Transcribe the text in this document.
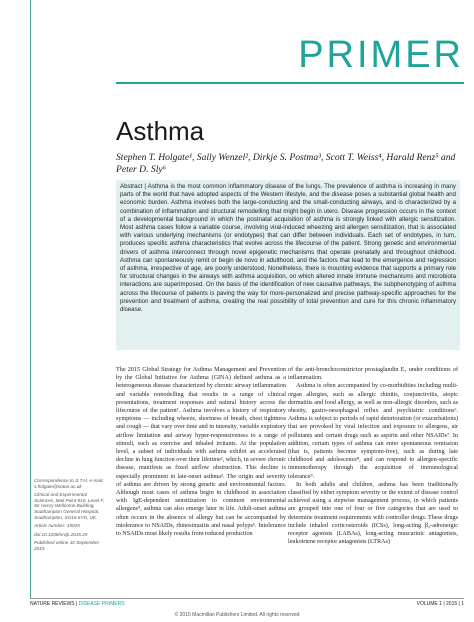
PRIMER
Asthma
Stephen T. Holgate¹, Sally Wenzel², Dirkje S. Postma³, Scott T. Weiss⁴, Harald Renz⁵ and Peter D. Sly⁶

Abstract | Asthma is the most common inflammatory disease of the lungs. The prevalence of asthma is increasing in many parts of the world that have adopted aspects of the Western lifestyle, and the disease poses a substantial global health and economic burden. Asthma involves both the large-conducting and the small-conducting airways, and is characterized by a combination of inflammation and structural remodelling that might begin in utero. Disease progression occurs in the context of a developmental background in which the postnatal acquisition of asthma is strongly linked with allergic sensitization. Most asthma cases follow a variable course, involving viral-induced wheezing and allergen sensitization, that is associated with various underlying mechanisms (or endotypes) that can differ between individuals. Each set of endotypes, in turn, produces specific asthma characteristics that evolve across the lifecourse of the patient. Strong genetic and environmental drivers of asthma interconnect through novel epigenetic mechanisms that operate prenatally and throughout childhood. Asthma can spontaneously remit or begin de novo in adulthood, and the factors that lead to the emergence and regression of asthma, irrespective of age, are poorly understood. Nonetheless, there is mounting evidence that supports a primary role for structural changes in the airways with asthma acquisition, on which altered innate immune mechanisms and microbiota interactions are superimposed. On the basis of the identification of new causative pathways, the subphenotyping of asthma across the lifecourse of patients is paving the way for more-personalized and precise pathway-specific approaches for the prevention and treatment of asthma, creating the real possibility of total prevention and cure for this chronic inflammatory disease.

Correspondence to S.T.H. e-mail: s.holgate@soton.ac.uk

Clinical and Experimental Sciences, Mail Point 810, Level F, Sir Henry Wellcome Building, Southampton General Hospital, Southampton, SO16 6YD, UK.

Article number: 15025

doi:10.1038/nrdp.2015.25

Published online 10 September 2015

The 2015 Global Strategy for Asthma Management and Prevention by the Global Initiative for Asthma (GINA) defined asthma as a heterogeneous disease characterized by chronic airway inflammation and variable remodelling that results in a range of clinical presentations, treatment responses and natural history across the lifecourse of the patient¹. Asthma involves a history of respiratory symptoms — including wheeze, shortness of breath, chest tightness and cough — that vary over time and in intensity, variable expiratory airflow limitation and airway hyper-responsiveness to a range of stimuli, such as exercise and inhaled irritants. At the population level, a subset of individuals with asthma exhibit an accelerated decline in lung function over their lifetime², which, in severe chronic disease, manifests as fixed airflow obstruction. This decline is especially prominent in late-onset asthma³. The origin and severity of asthma are driven by strong genetic and environmental factors. Although most cases of asthma begin in childhood in association with IgE-dependent sensitization to common environmental allergens⁴, asthma can also emerge later in life. Adult-onset asthma often occurs in the absence of allergy but can be accompanied by intolerance to NSAIDs, rhinosinusitis and nasal polyps⁵. Intolerance to NSAIDs most likely results from reduced production

of the anti-bronchoconstrictor prostaglandin E₂ under conditions of inflammation.

Asthma is often accompanied by co-morbidities including multi-organ allergies, such as allergic rhinitis, conjunctivitis, atopic dermatitis and food allergy, as well as non-allergic disorders, such as obesity, gastro-oesophageal reflux and psychiatric conditions⁶. Asthma is subject to periods of rapid deterioration (or exacerbations) that are provoked by viral infection and exposure to allergens, air pollutants and certain drugs such as aspirin and other NSAIDs⁷. In addition, certain types of asthma can enter spontaneous remission (that is, patients become symptom-free), such as during late childhood and adolescence⁸, and can respond to allergen-specific immunotherapy through the acquisition of immunological tolerance⁹.

In both adults and children, asthma has been traditionally classified by either symptom severity or the extent of disease control achieved using a stepwise management process, in which patients are grouped into one of four or five categories that are used to determine treatment requirements with controller drugs. These drugs include inhaled corticosteroids (ICSs), long-acting β₂-adrenergic receptor agonists (LABAs), long-acting muscarinic antagonists, leukotriene receptor antagonists (LTRAs)

NATURE REVIEWS | DISEASE PRIMERS	VOLUME 1 | 2015 | 1
© 2015 Macmillan Publishers Limited. All rights reserved
